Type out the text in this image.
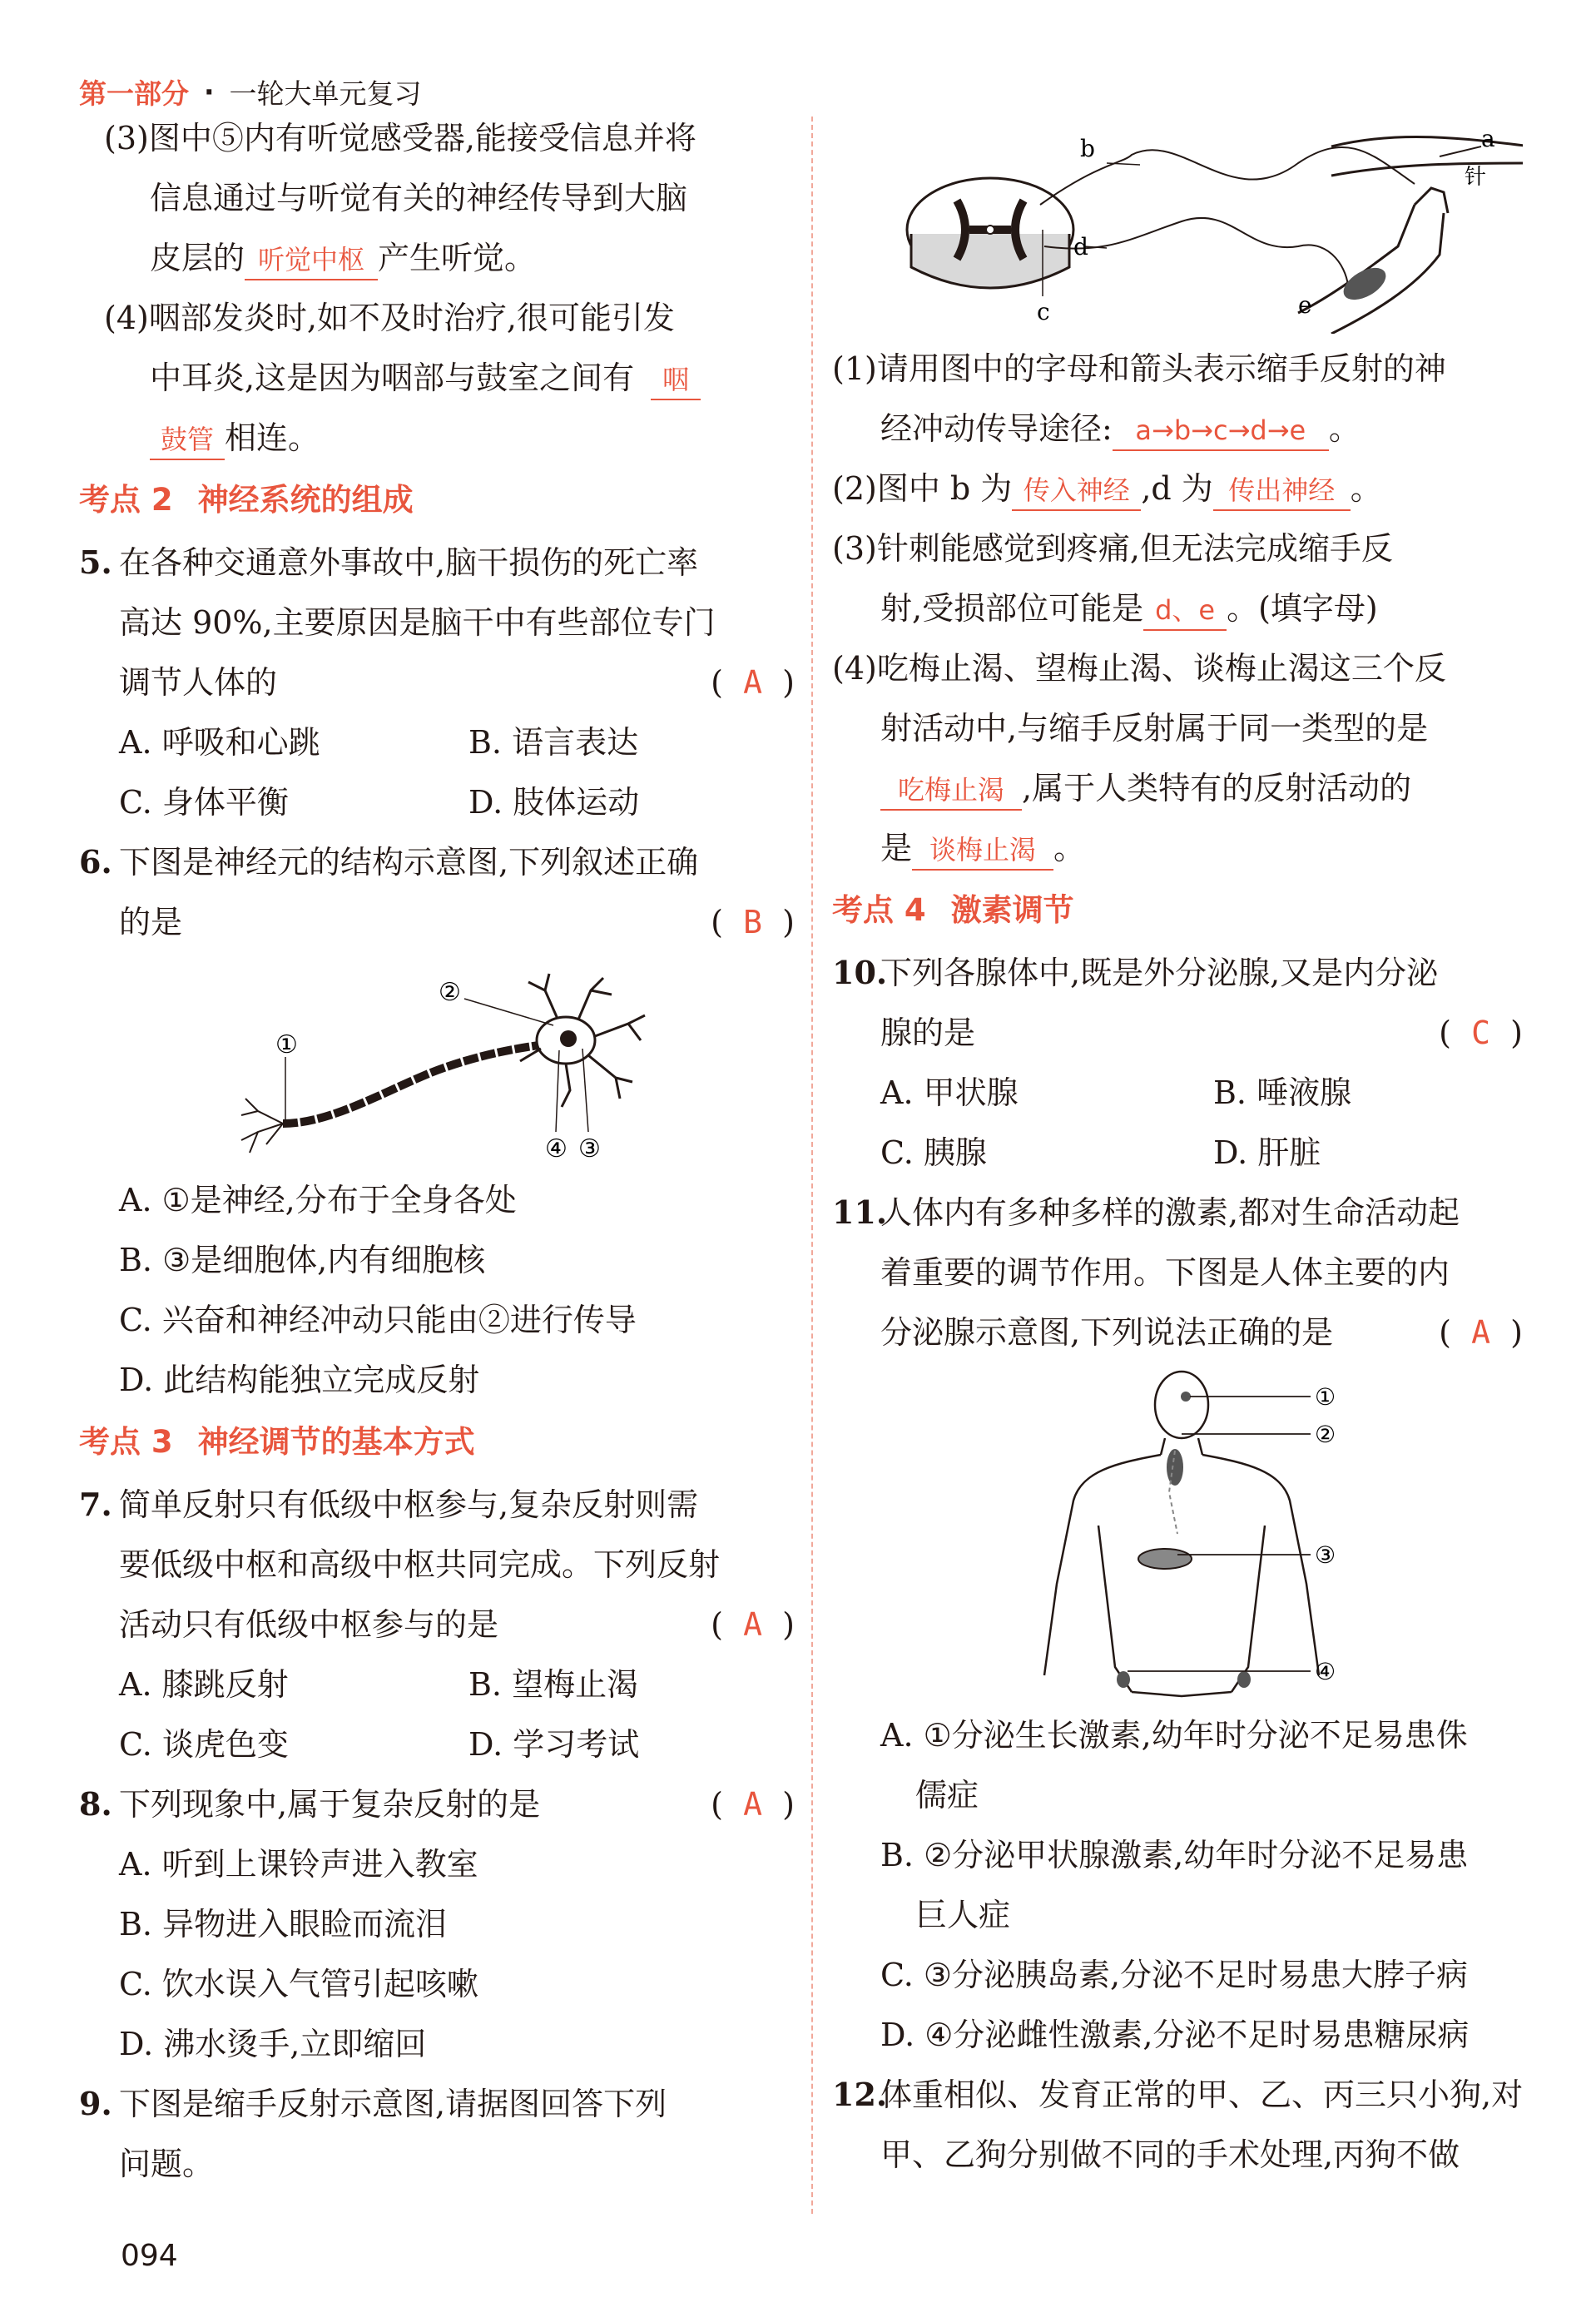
第一部分 · 一轮大单元复习
(3)图中⑤内有听觉感受器,能接受信息并将
信息通过与听觉有关的神经传导到大脑
皮层的 听觉中枢 产生听觉。
(4)咽部发炎时,如不及时治疗,很可能引发
中耳炎,这是因为咽部与鼓室之间有 咽
鼓管 相连。
考点 2 神经系统的组成
5. 在各种交通意外事故中,脑干损伤的死亡率
高达 90%,主要原因是脑干中有些部位专门
调节人体的	(  A  )
A. 呼吸和心跳	B. 语言表达
C. 身体平衡	D. 肢体运动
6. 下图是神经元的结构示意图,下列叙述正确
的是	(  B  )
①
②
③
④
A. ①是神经,分布于全身各处
B. ③是细胞体,内有细胞核
C. 兴奋和神经冲动只能由②进行传导
D. 此结构能独立完成反射
考点 3 神经调节的基本方式
7. 简单反射只有低级中枢参与,复杂反射则需
要低级中枢和高级中枢共同完成。下列反射
活动只有低级中枢参与的是	(  A  )
A. 膝跳反射	B. 望梅止渴
C. 谈虎色变	D. 学习考试
8. 下列现象中,属于复杂反射的是	(  A  )
A. 听到上课铃声进入教室
B. 异物进入眼睑而流泪
C. 饮水误入气管引起咳嗽
D. 沸水烫手,立即缩回
9. 下图是缩手反射示意图,请据图回答下列
问题。
b
c
d
e
a
针
(1)请用图中的字母和箭头表示缩手反射的神
经冲动传导途径: a→b→c→d→e 。
(2)图中 b 为 传入神经 ,d 为 传出神经 。
(3)针刺能感觉到疼痛,但无法完成缩手反
射,受损部位可能是 d、e 。(填字母)
(4)吃梅止渴、望梅止渴、谈梅止渴这三个反
射活动中,与缩手反射属于同一类型的是
吃梅止渴 ,属于人类特有的反射活动的
是 谈梅止渴 。
考点 4 激素调节
10.下列各腺体中,既是外分泌腺,又是内分泌
腺的是	(  C  )
A. 甲状腺	B. 唾液腺
C. 胰腺	D. 肝脏
11.人体内有多种多样的激素,都对生命活动起
着重要的调节作用。下图是人体主要的内
分泌腺示意图,下列说法正确的是	(  A  )
①
②
③
④
A. ①分泌生长激素,幼年时分泌不足易患侏
儒症
B. ②分泌甲状腺激素,幼年时分泌不足易患
巨人症
C. ③分泌胰岛素,分泌不足时易患大脖子病
D. ④分泌雌性激素,分泌不足时易患糖尿病
12.体重相似、发育正常的甲、乙、丙三只小狗,对
甲、乙狗分别做不同的手术处理,丙狗不做
094
